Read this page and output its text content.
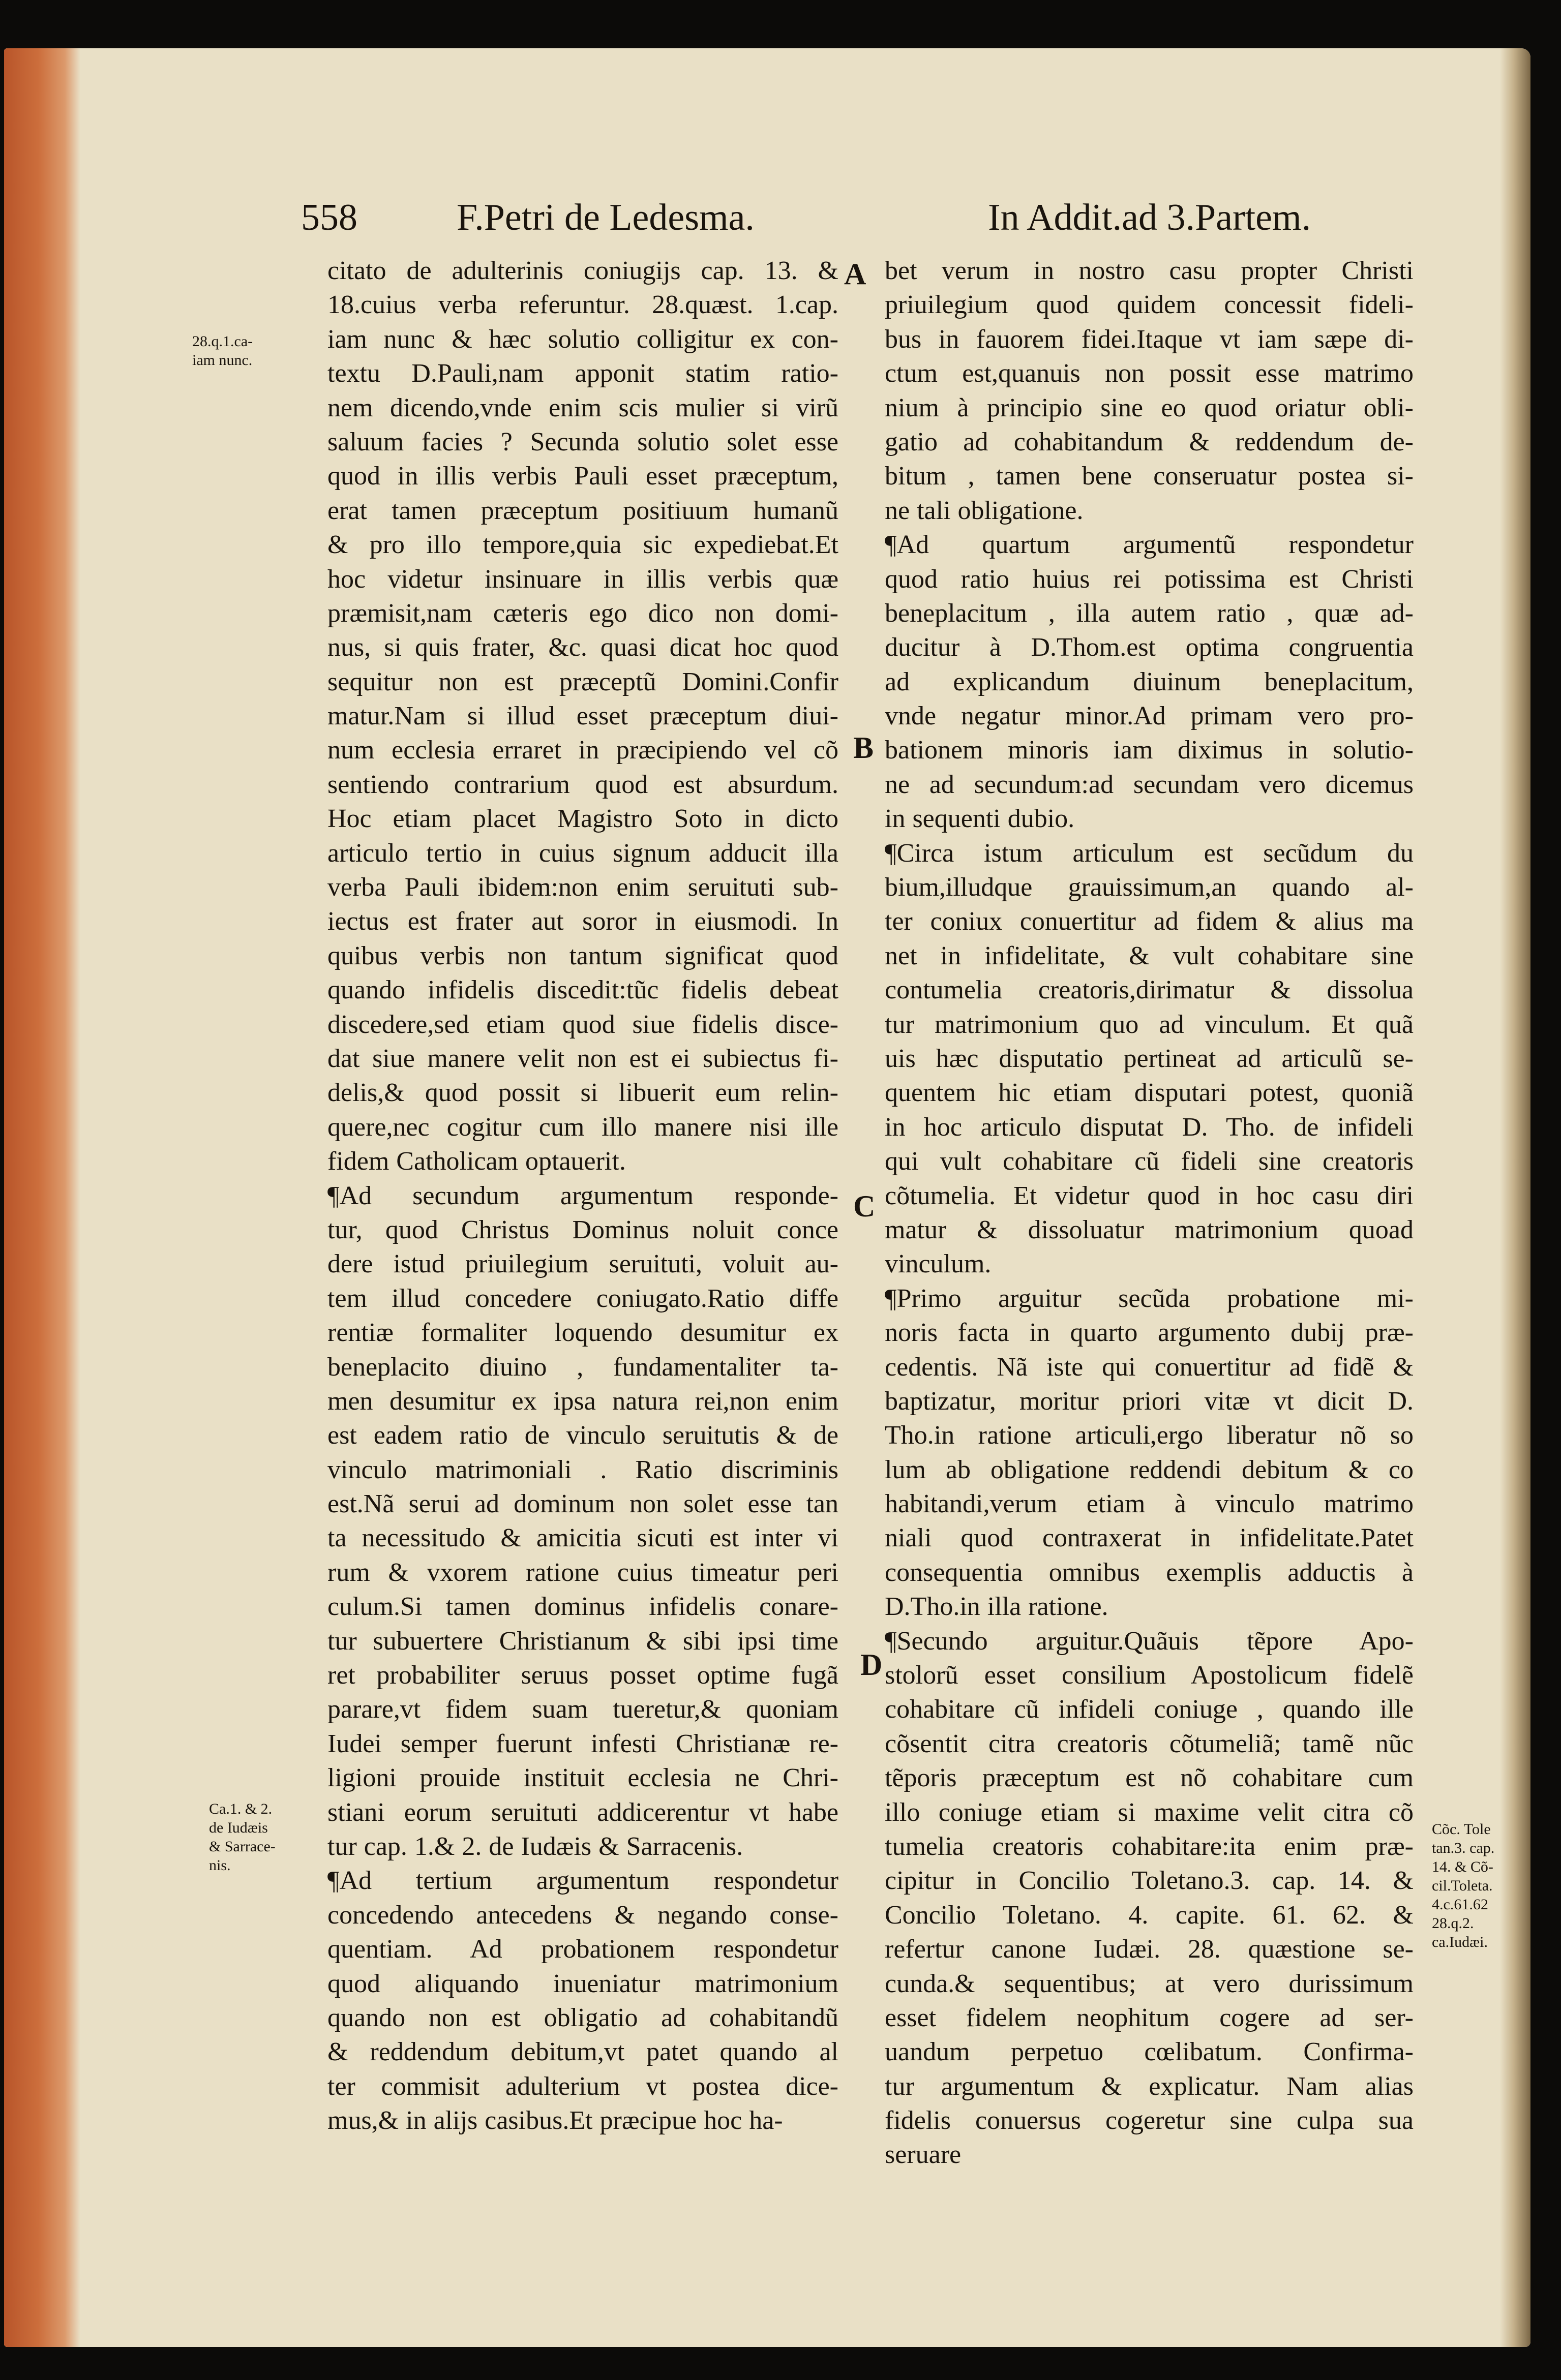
558	F.Petri de Ledesma.	In Addit.ad 3.Partem.
citato de adulterinis coniugijs cap. 13. &
18.cuius verba referuntur. 28.quæst. 1.cap.
iam nunc & hæc solutio colligitur ex con-
textu D.Pauli,nam apponit statim ratio-
nem dicendo,vnde enim scis mulier si virũ
saluum facies ? Secunda solutio solet esse
quod in illis verbis Pauli esset præceptum,
erat tamen præceptum positiuum humanũ
& pro illo tempore,quia sic expediebat.Et
hoc videtur insinuare in illis verbis quæ
præmisit,nam cæteris ego dico non domi-
nus, si quis frater, &c. quasi dicat hoc quod
sequitur non est præceptũ Domini.Confir
matur.Nam si illud esset præceptum diui-
num ecclesia erraret in præcipiendo vel cõ
sentiendo contrarium quod est absurdum.
Hoc etiam placet Magistro Soto in dicto
articulo tertio in cuius signum adducit illa
verba Pauli ibidem:non enim seruituti sub-
iectus est frater aut soror in eiusmodi. In
quibus verbis non tantum significat quod
quando infidelis discedit:tũc fidelis debeat
discedere,sed etiam quod siue fidelis disce-
dat siue manere velit non est ei subiectus fi-
delis,& quod possit si libuerit eum relin-
quere,nec cogitur cum illo manere nisi ille
fidem Catholicam optauerit.
¶Ad secundum argumentum responde-
tur, quod Christus Dominus noluit conce
dere istud priuilegium seruituti, voluit au-
tem illud concedere coniugato.Ratio diffe
rentiæ formaliter loquendo desumitur ex
beneplacito diuino , fundamentaliter ta-
men desumitur ex ipsa natura rei,non enim
est eadem ratio de vinculo seruitutis & de
vinculo matrimoniali . Ratio discriminis
est.Nã serui ad dominum non solet esse tan
ta necessitudo & amicitia sicuti est inter vi
rum & vxorem ratione cuius timeatur peri
culum.Si tamen dominus infidelis conare-
tur subuertere Christianum & sibi ipsi time
ret probabiliter seruus posset optime fugã
parare,vt fidem suam tueretur,& quoniam
Iudei semper fuerunt infesti Christianæ re-
ligioni prouide instituit ecclesia ne Chri-
stiani eorum seruituti addicerentur vt habe
tur cap. 1.& 2. de Iudæis & Sarracenis.
¶Ad tertium argumentum respondetur
concedendo antecedens & negando conse-
quentiam. Ad probationem respondetur
quod aliquando inueniatur matrimonium
quando non est obligatio ad cohabitandũ
& reddendum debitum,vt patet quando al
ter commisit adulterium vt postea dice-
mus,& in alijs casibus.Et præcipue hoc ha-
bet verum in nostro casu propter Christi
priuilegium quod quidem concessit fideli-
bus in fauorem fidei.Itaque vt iam sæpe di-
ctum est,quanuis non possit esse matrimo
nium à principio sine eo quod oriatur obli-
gatio ad cohabitandum & reddendum de-
bitum , tamen bene conseruatur postea si-
ne tali obligatione.
¶Ad quartum argumentũ respondetur
quod ratio huius rei potissima est Christi
beneplacitum , illa autem ratio , quæ ad-
ducitur à D.Thom.est optima congruentia
ad explicandum diuinum beneplacitum,
vnde negatur minor.Ad primam vero pro-
bationem minoris iam diximus in solutio-
ne ad secundum:ad secundam vero dicemus
in sequenti dubio.
¶Circa istum articulum est secũdum du
bium,illudque grauissimum,an quando al-
ter coniux conuertitur ad fidem & alius ma
net in infidelitate, & vult cohabitare sine
contumelia creatoris,dirimatur & dissolua
tur matrimonium quo ad vinculum. Et quã
uis hæc disputatio pertineat ad articulũ se-
quentem hic etiam disputari potest, quoniã
in hoc articulo disputat D. Tho. de infideli
qui vult cohabitare cũ fideli sine creatoris
cõtumelia. Et videtur quod in hoc casu diri
matur & dissoluatur matrimonium quoad
vinculum.
¶Primo arguitur secũda probatione mi-
noris facta in quarto argumento dubij præ-
cedentis. Nã iste qui conuertitur ad fidẽ &
baptizatur, moritur priori vitæ vt dicit D.
Tho.in ratione articuli,ergo liberatur nõ so
lum ab obligatione reddendi debitum & co
habitandi,verum etiam à vinculo matrimo
niali quod contraxerat in infidelitate.Patet
consequentia omnibus exemplis adductis à
D.Tho.in illa ratione.
¶Secundo arguitur.Quãuis tẽpore Apo-
stolorũ esset consilium Apostolicum fidelẽ
cohabitare cũ infideli coniuge , quando ille
cõsentit citra creatoris cõtumeliã; tamẽ nũc
tẽporis præceptum est nõ cohabitare cum
illo coniuge etiam si maxime velit citra cõ
tumelia creatoris cohabitare:ita enim præ-
cipitur in Concilio Toletano.3. cap. 14. &
Concilio Toletano. 4. capite. 61. 62. &
refertur canone Iudæi. 28. quæstione se-
cunda.& sequentibus; at vero durissimum
esset fidelem neophitum cogere ad ser-
uandum perpetuo cœlibatum. Confirma-
tur argumentum & explicatur. Nam alias
fidelis conuersus cogeretur sine culpa sua
seruare
28.q.1.ca-
iam nunc.
Ca.1. & 2.
de Iudæis
& Sarrace-
nis.
Cõc. Tole
tan.3. cap.
14. & Cõ-
cil.Toleta.
4.c.61.62
28.q.2.
ca.Iudæi.
A
B
C
D
